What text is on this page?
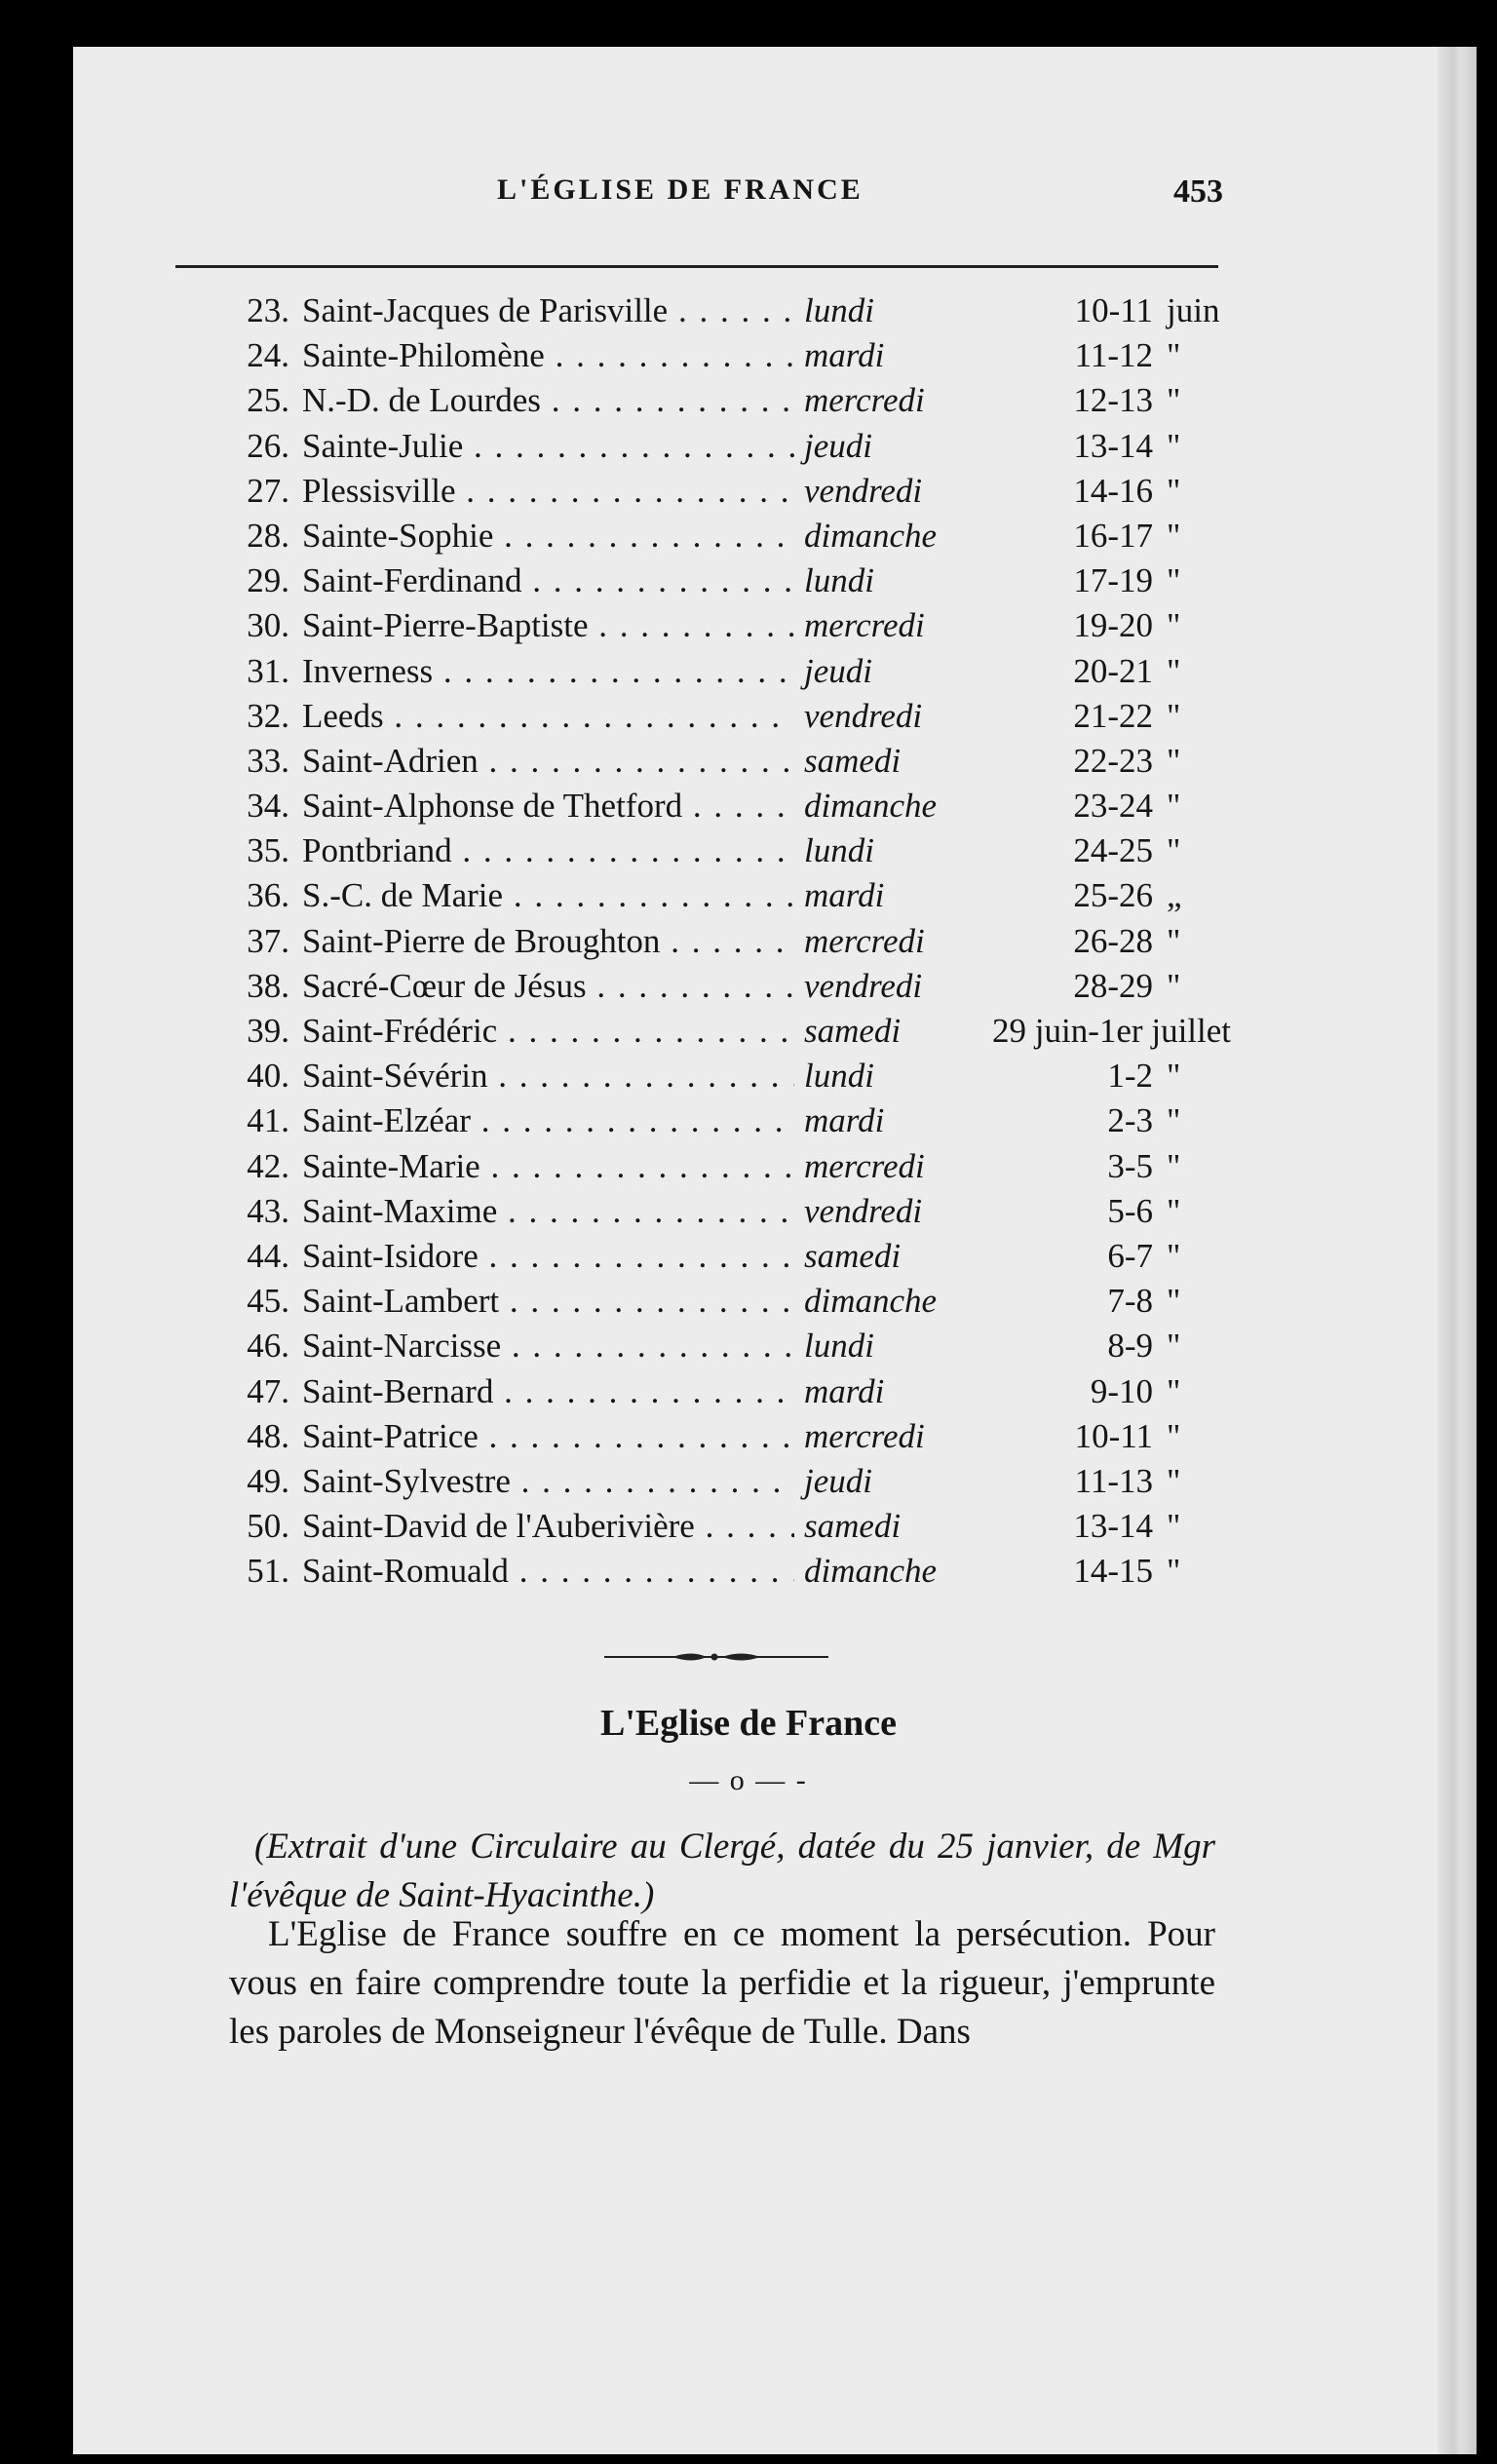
L'ÉGLISE DE FRANCE	453
23. Saint-Jacques de Parisville . . .	lundi	10-11 juin
24. Sainte-Philomène . . .	mardi	11-12 "
25. N.-D. de Lourdes . . .	mercredi	12-13 "
26. Sainte-Julie . . .	jeudi	13-14 "
27. Plessisville . . .	vendredi	14-16 "
28. Sainte-Sophie . . .	dimanche	16-17 "
29. Saint-Ferdinand . . .	lundi	17-19 "
30. Saint-Pierre-Baptiste . . .	mercredi	19-20 "
31. Inverness . . .	jeudi	20-21 "
32. Leeds . . .	vendredi	21-22 "
33. Saint-Adrien . . .	samedi	22-23 "
34. Saint-Alphonse de Thetford . . .	dimanche	23-24 "
35. Pontbriand . . .	lundi	24-25 "
36. S.-C. de Marie . . .	mardi	25-26 „
37. Saint-Pierre de Broughton . . .	mercredi	26-28 "
38. Sacré-Cœur de Jésus . . .	vendredi	28-29 "
39. Saint-Frédéric . . .	samedi	29 juin-1er juillet
40. Saint-Sévérin . . .	lundi	1-2 "
41. Saint-Elzéar . . .	mardi	2-3 "
42. Sainte-Marie . . .	mercredi	3-5 "
43. Saint-Maxime . . .	vendredi	5-6 "
44. Saint-Isidore . . .	samedi	6-7 "
45. Saint-Lambert . . .	dimanche	7-8 "
46. Saint-Narcisse . . .	lundi	8-9 "
47. Saint-Bernard . . .	mardi	9-10 "
48. Saint-Patrice . . .	mercredi	10-11 "
49. Saint-Sylvestre . . .	jeudi	11-13 "
50. Saint-David de l'Auberivière . . .	samedi	13-14 "
51. Saint-Romuald . . .	dimanche	14-15 "
L'Eglise de France
— o — -
(Extrait d'une Circulaire au Clergé, datée du 25 janvier, de Mgr l'évêque de Saint-Hyacinthe.)
L'Eglise de France souffre en ce moment la persécution. Pour vous en faire comprendre toute la perfidie et la rigueur, j'emprunte les paroles de Monseigneur l'évêque de Tulle. Dans
